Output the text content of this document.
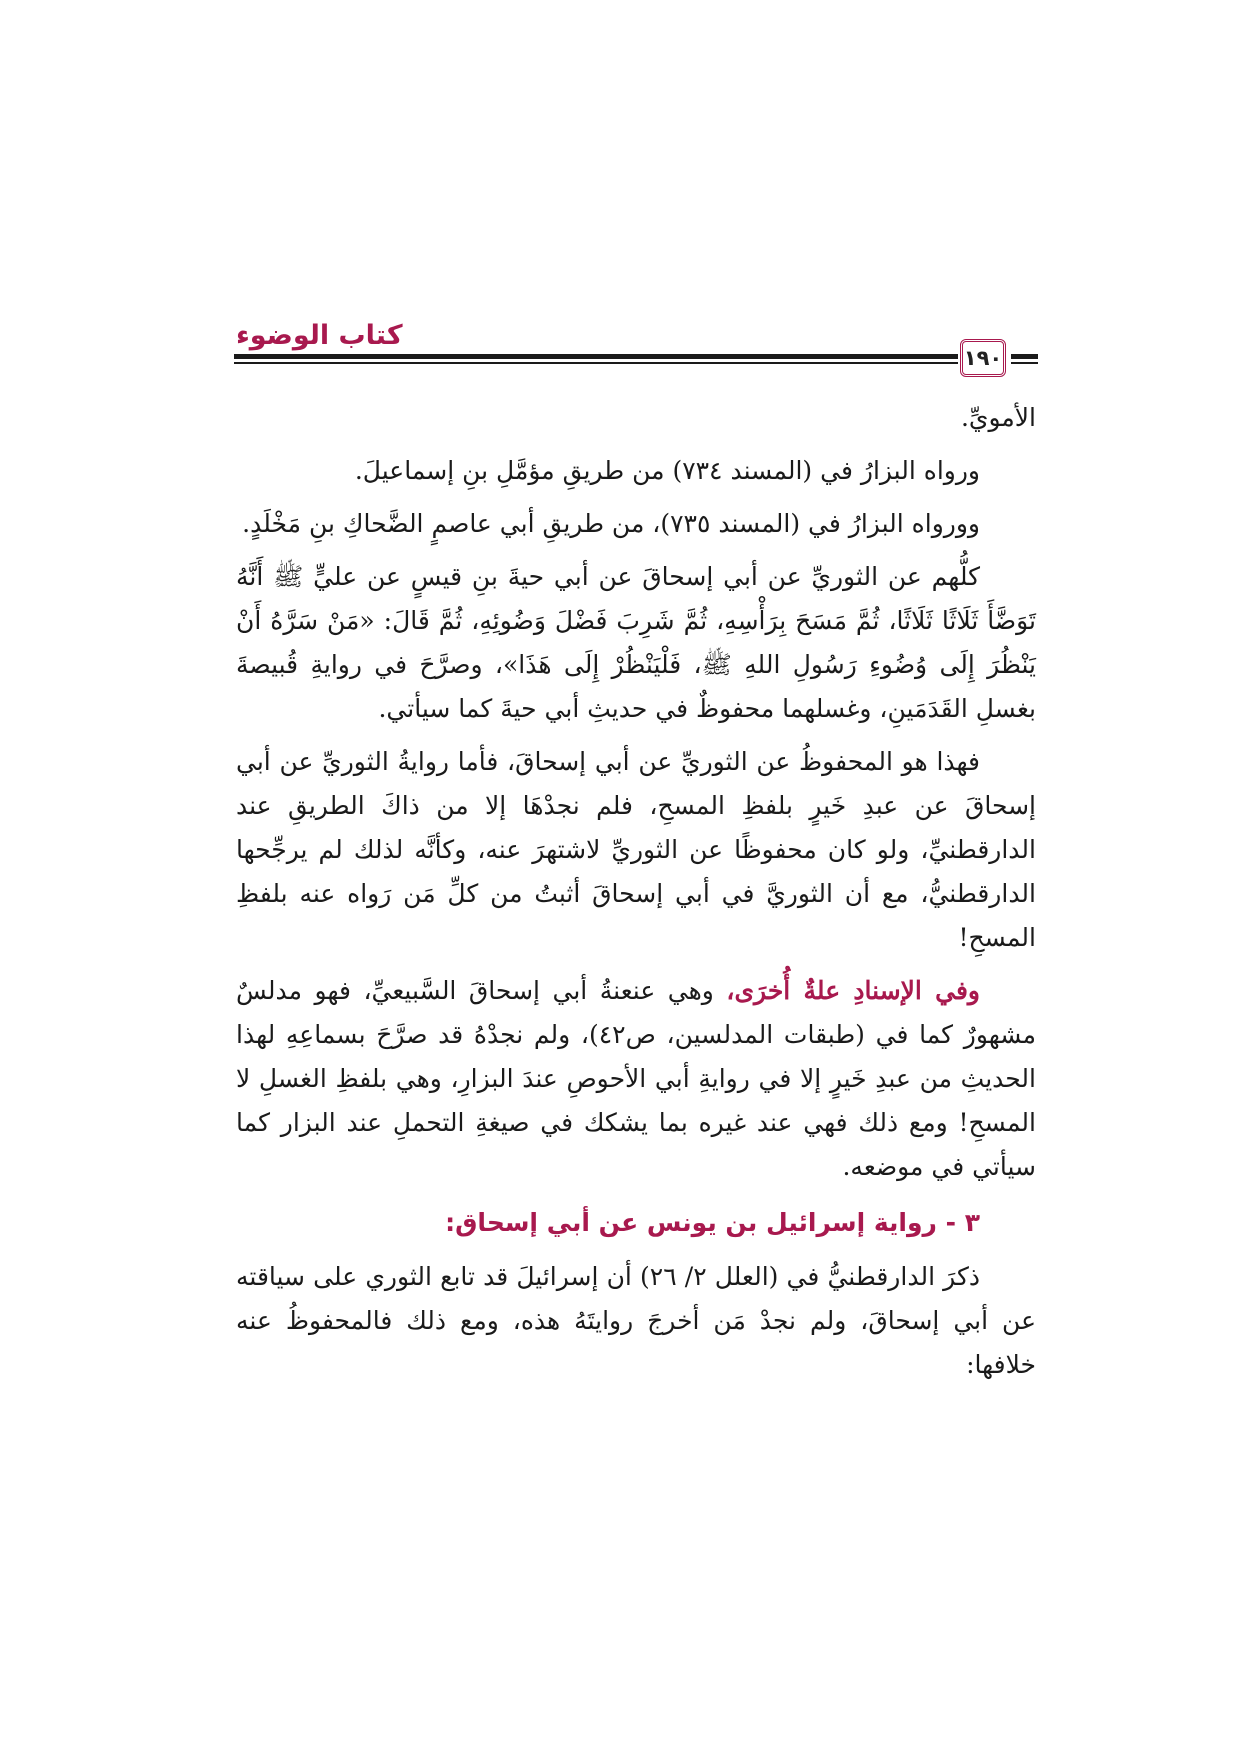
كتاب الوضوء
١٩٠

الأمويِّ.

ورواه البزارُ في (المسند ٧٣٤) من طريقِ مؤمَّلِ بنِ إسماعيلَ.

وورواه البزارُ في (المسند ٧٣٥)، من طريقِ أبي عاصمٍ الضَّحاكِ بنِ مَخْلَدٍ.

كلُّهم عن الثوريِّ عن أبي إسحاقَ عن أبي حيةَ بنِ قيسٍ عن عليٍّ ﷺ أَنَّهُ تَوَضَّأَ ثَلَاثًا ثَلَاثًا، ثُمَّ مَسَحَ بِرَأْسِهِ، ثُمَّ شَرِبَ فَضْلَ وَضُوئِهِ، ثُمَّ قَالَ: «مَنْ سَرَّهُ أَنْ يَنْظُرَ إِلَى وُضُوءِ رَسُولِ اللهِ ﷺ، فَلْيَنْظُرْ إِلَى هَذَا»، وصرَّحَ في روايةِ قُبيصةَ بغسلِ القَدَمَينِ، وغسلهما محفوظٌ في حديثِ أبي حيةَ كما سيأتي.

فهذا هو المحفوظُ عن الثوريِّ عن أبي إسحاقَ، فأما روايةُ الثوريِّ عن أبي إسحاقَ عن عبدِ خَيرٍ بلفظِ المسحِ، فلم نجدْهَا إلا من ذاكَ الطريقِ عند الدارقطنيِّ، ولو كان محفوظًا عن الثوريِّ لاشتهرَ عنه، وكأنَّه لذلك لم يرجِّحها الدارقطنيُّ، مع أن الثوريَّ في أبي إسحاقَ أثبتُ من كلِّ مَن رَواه عنه بلفظِ المسحِ!

وفي الإسنادِ علةٌ أُخرَى، وهي عنعنةُ أبي إسحاقَ السَّبيعيِّ، فهو مدلسٌ مشهورٌ كما في (طبقات المدلسين، ص٤٢)، ولم نجدْهُ قد صرَّحَ بسماعِهِ لهذا الحديثِ من عبدِ خَيرٍ إلا في روايةِ أبي الأحوصِ عندَ البزارِ، وهي بلفظِ الغسلِ لا المسحِ! ومع ذلك فهي عند غيره بما يشكك في صيغةِ التحملِ عند البزار كما سيأتي في موضعه.

٣ - رواية إسرائيل بن يونس عن أبي إسحاق:

ذكرَ الدارقطنيُّ في (العلل ٢/ ٢٦) أن إسرائيلَ قد تابع الثوري على سياقته عن أبي إسحاقَ، ولم نجدْ مَن أخرجَ روايتَهُ هذه، ومع ذلك فالمحفوظُ عنه خلافها:
